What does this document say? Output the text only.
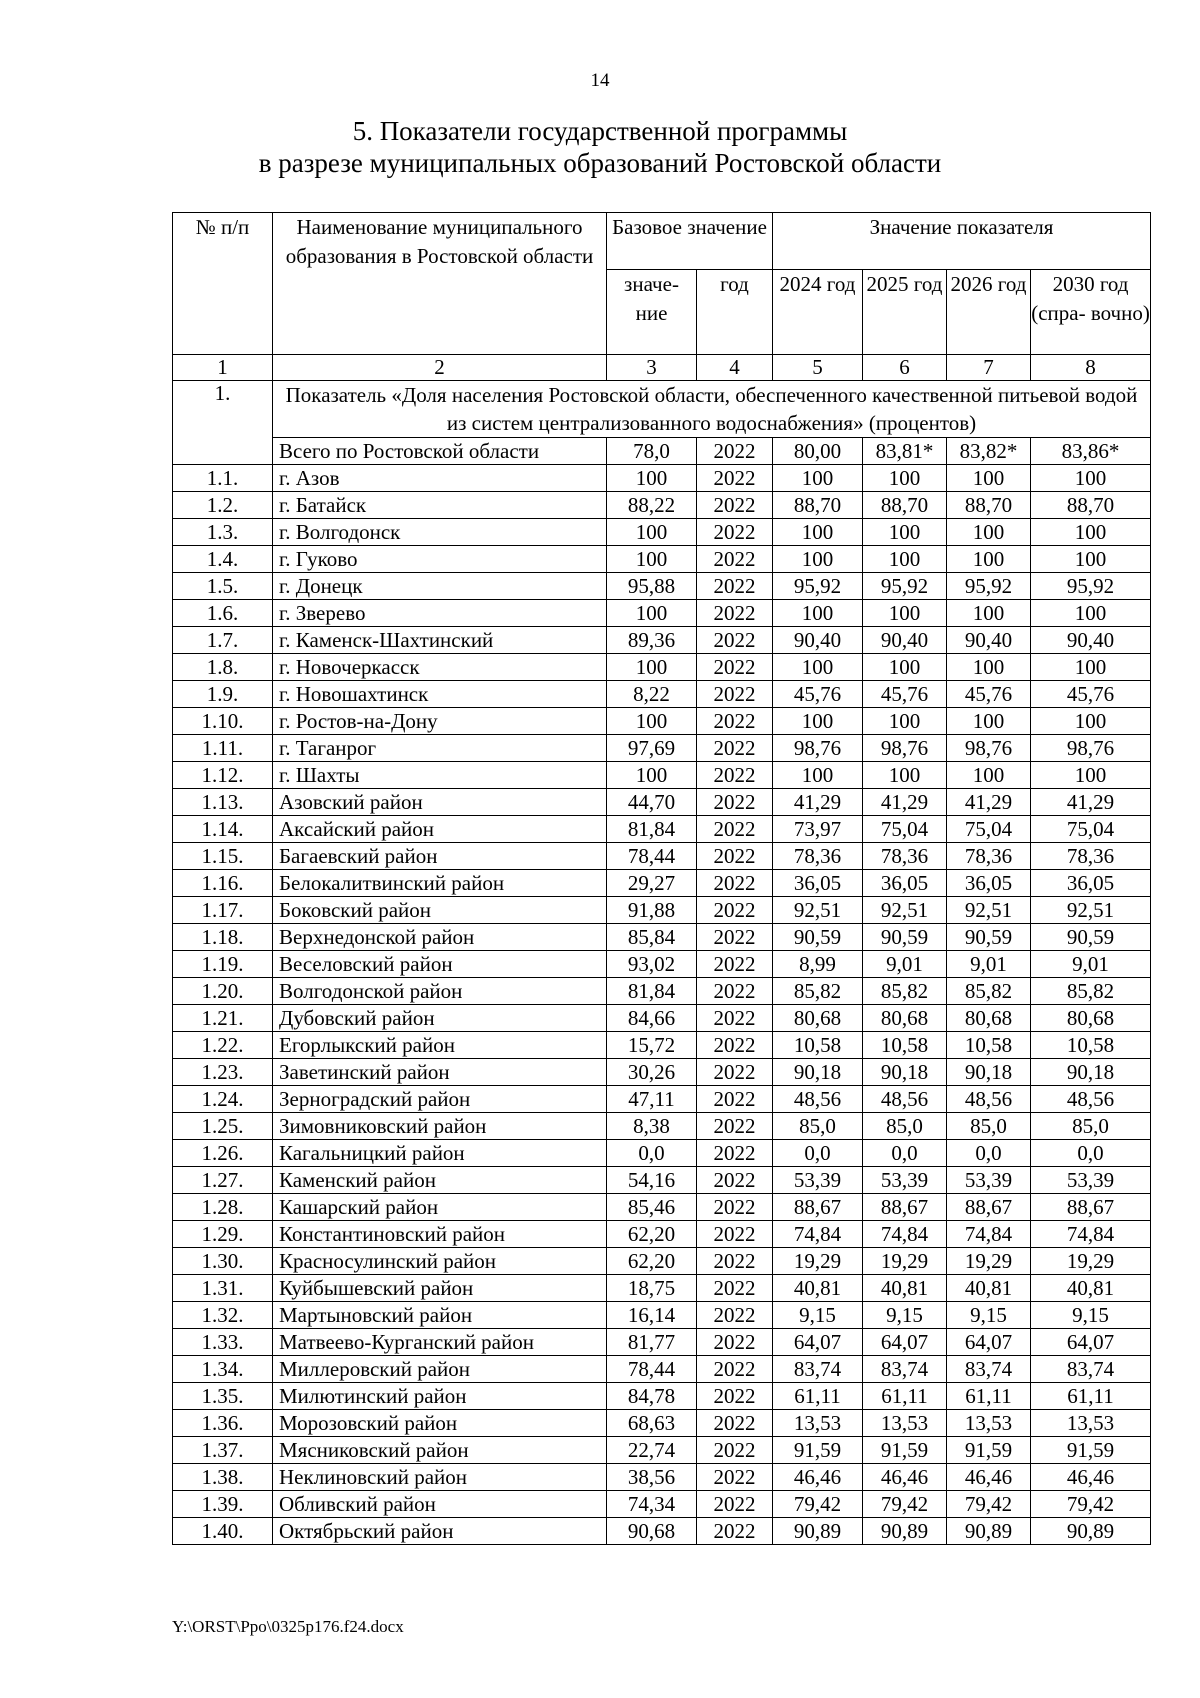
14
5. Показатели государственной программы
в разрезе муниципальных образований Ростовской области
№ п/п	Наименование муниципального образования в Ростовской области	Базовое значение		Значение показателя			
		значе- ние	год	2024 год	2025 год	2026 год	2030 год (спра- вочно)
1	2	3	4	5	6	7	8
1.	Показатель «Доля населения Ростовской области, обеспеченного качественной питьевой водой из систем централизованного водоснабжения» (процентов)						
	Всего по Ростовской области	78,0	2022	80,00	83,81*	83,82*	83,86*
1.1.	г. Азов	100	2022	100	100	100	100
1.2.	г. Батайск	88,22	2022	88,70	88,70	88,70	88,70
1.3.	г. Волгодонск	100	2022	100	100	100	100
1.4.	г. Гуково	100	2022	100	100	100	100
1.5.	г. Донецк	95,88	2022	95,92	95,92	95,92	95,92
1.6.	г. Зверево	100	2022	100	100	100	100
1.7.	г. Каменск-Шахтинский	89,36	2022	90,40	90,40	90,40	90,40
1.8.	г. Новочеркасск	100	2022	100	100	100	100
1.9.	г. Новошахтинск	8,22	2022	45,76	45,76	45,76	45,76
1.10.	г. Ростов-на-Дону	100	2022	100	100	100	100
1.11.	г. Таганрог	97,69	2022	98,76	98,76	98,76	98,76
1.12.	г. Шахты	100	2022	100	100	100	100
1.13.	Азовский район	44,70	2022	41,29	41,29	41,29	41,29
1.14.	Аксайский район	81,84	2022	73,97	75,04	75,04	75,04
1.15.	Багаевский район	78,44	2022	78,36	78,36	78,36	78,36
1.16.	Белокалитвинский район	29,27	2022	36,05	36,05	36,05	36,05
1.17.	Боковский район	91,88	2022	92,51	92,51	92,51	92,51
1.18.	Верхнедонской район	85,84	2022	90,59	90,59	90,59	90,59
1.19.	Веселовский район	93,02	2022	8,99	9,01	9,01	9,01
1.20.	Волгодонской район	81,84	2022	85,82	85,82	85,82	85,82
1.21.	Дубовский район	84,66	2022	80,68	80,68	80,68	80,68
1.22.	Егорлыкский район	15,72	2022	10,58	10,58	10,58	10,58
1.23.	Заветинский район	30,26	2022	90,18	90,18	90,18	90,18
1.24.	Зерноградский район	47,11	2022	48,56	48,56	48,56	48,56
1.25.	Зимовниковский район	8,38	2022	85,0	85,0	85,0	85,0
1.26.	Кагальницкий район	0,0	2022	0,0	0,0	0,0	0,0
1.27.	Каменский район	54,16	2022	53,39	53,39	53,39	53,39
1.28.	Кашарский район	85,46	2022	88,67	88,67	88,67	88,67
1.29.	Константиновский район	62,20	2022	74,84	74,84	74,84	74,84
1.30.	Красносулинский район	62,20	2022	19,29	19,29	19,29	19,29
1.31.	Куйбышевский район	18,75	2022	40,81	40,81	40,81	40,81
1.32.	Мартыновский район	16,14	2022	9,15	9,15	9,15	9,15
1.33.	Матвеево-Курганский район	81,77	2022	64,07	64,07	64,07	64,07
1.34.	Миллеровский район	78,44	2022	83,74	83,74	83,74	83,74
1.35.	Милютинский район	84,78	2022	61,11	61,11	61,11	61,11
1.36.	Морозовский район	68,63	2022	13,53	13,53	13,53	13,53
1.37.	Мясниковский район	22,74	2022	91,59	91,59	91,59	91,59
1.38.	Неклиновский район	38,56	2022	46,46	46,46	46,46	46,46
1.39.	Обливский район	74,34	2022	79,42	79,42	79,42	79,42
1.40.	Октябрьский район	90,68	2022	90,89	90,89	90,89	90,89
Y:\ORST\Ppo\0325p176.f24.docx
